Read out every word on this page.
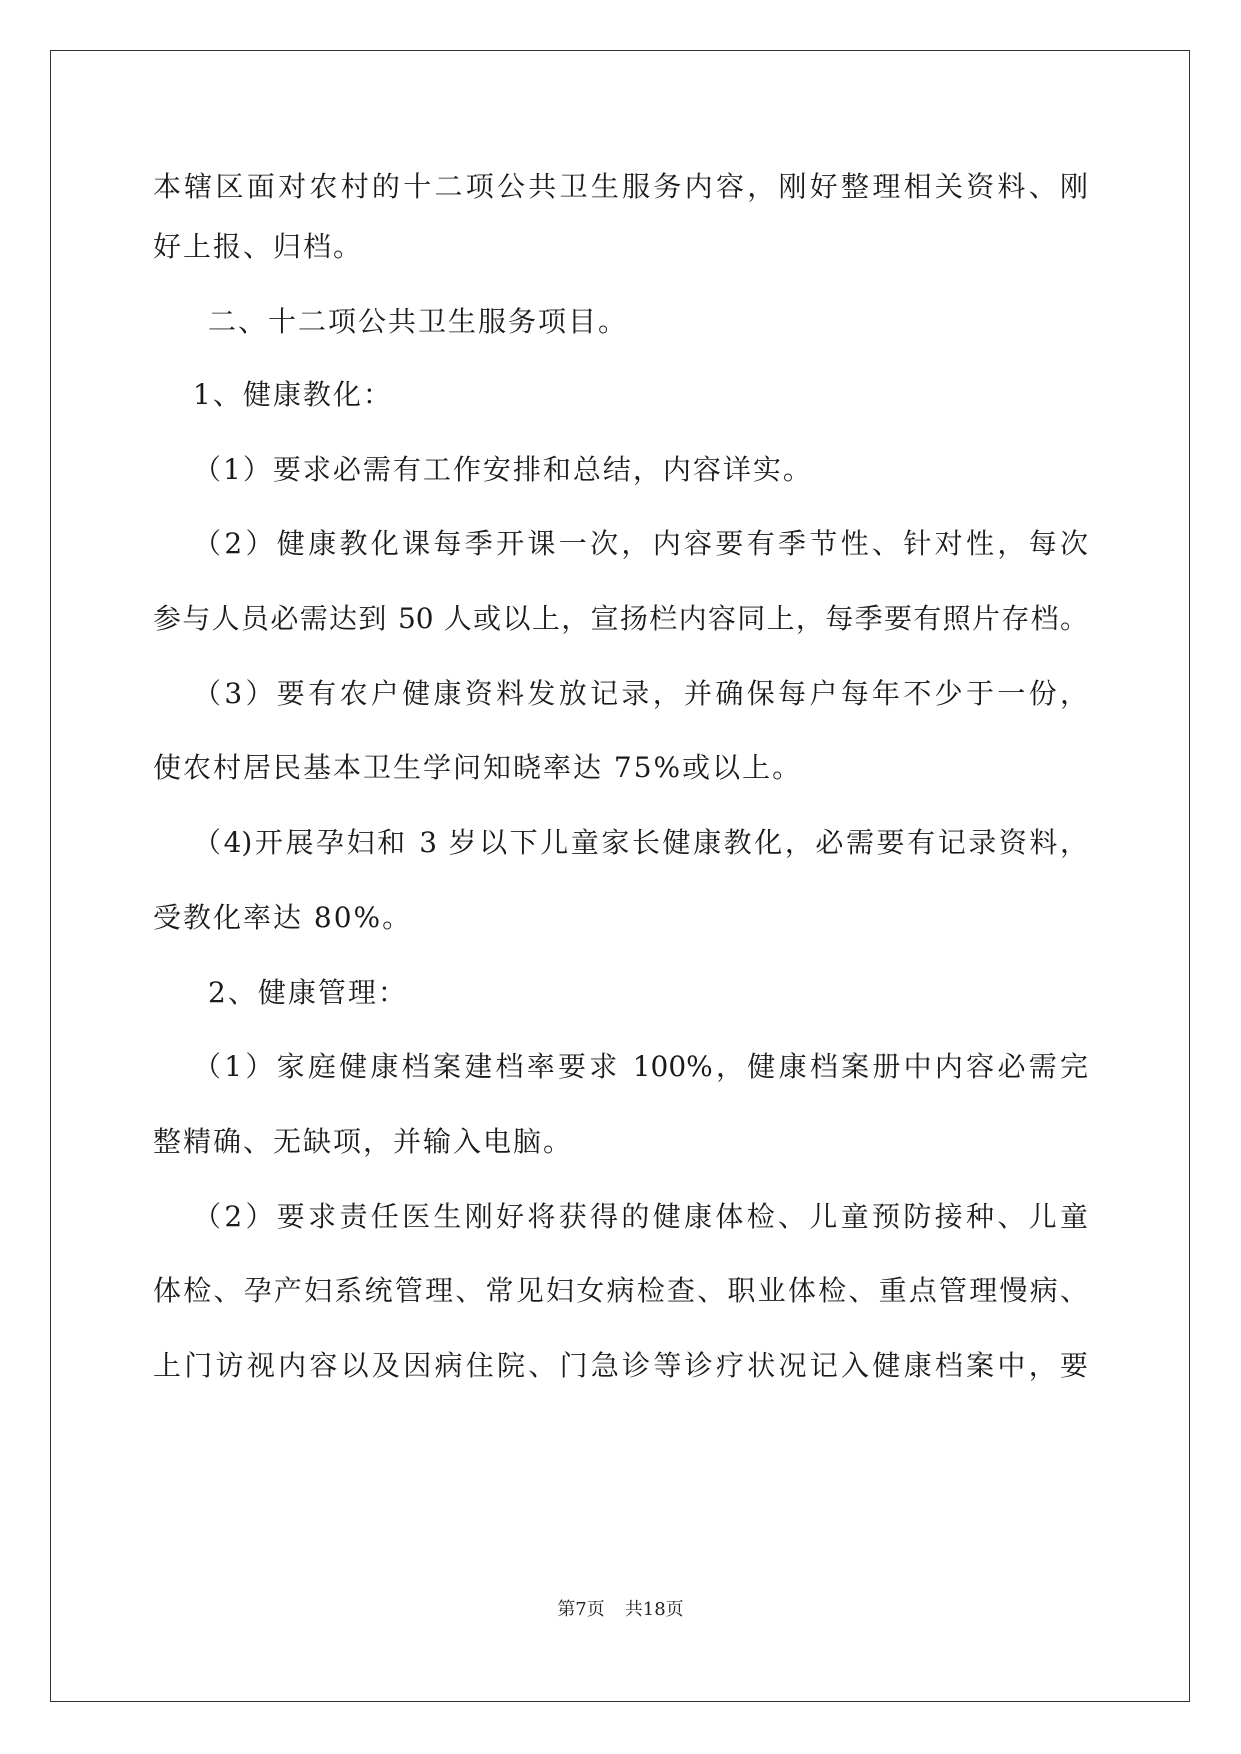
本辖区面对农村的十二项公共卫生服务内容，刚好整理相关资料、刚
好上报、归档。
二、十二项公共卫生服务项目。
1、健康教化：
（1）要求必需有工作安排和总结，内容详实。
（2）健康教化课每季开课一次，内容要有季节性、针对性，每次
参与人员必需达到 50 人或以上，宣扬栏内容同上，每季要有照片存档。
（3）要有农户健康资料发放记录，并确保每户每年不少于一份，
使农村居民基本卫生学问知晓率达 75%或以上。
（4)开展孕妇和 3 岁以下儿童家长健康教化，必需要有记录资料，
受教化率达 80%。
2、健康管理：
（1）家庭健康档案建档率要求 100%，健康档案册中内容必需完
整精确、无缺项，并输入电脑。
（2）要求责任医生刚好将获得的健康体检、儿童预防接种、儿童
体检、孕产妇系统管理、常见妇女病检查、职业体检、重点管理慢病、
上门访视内容以及因病住院、门急诊等诊疗状况记入健康档案中，要
第7页 共18页
